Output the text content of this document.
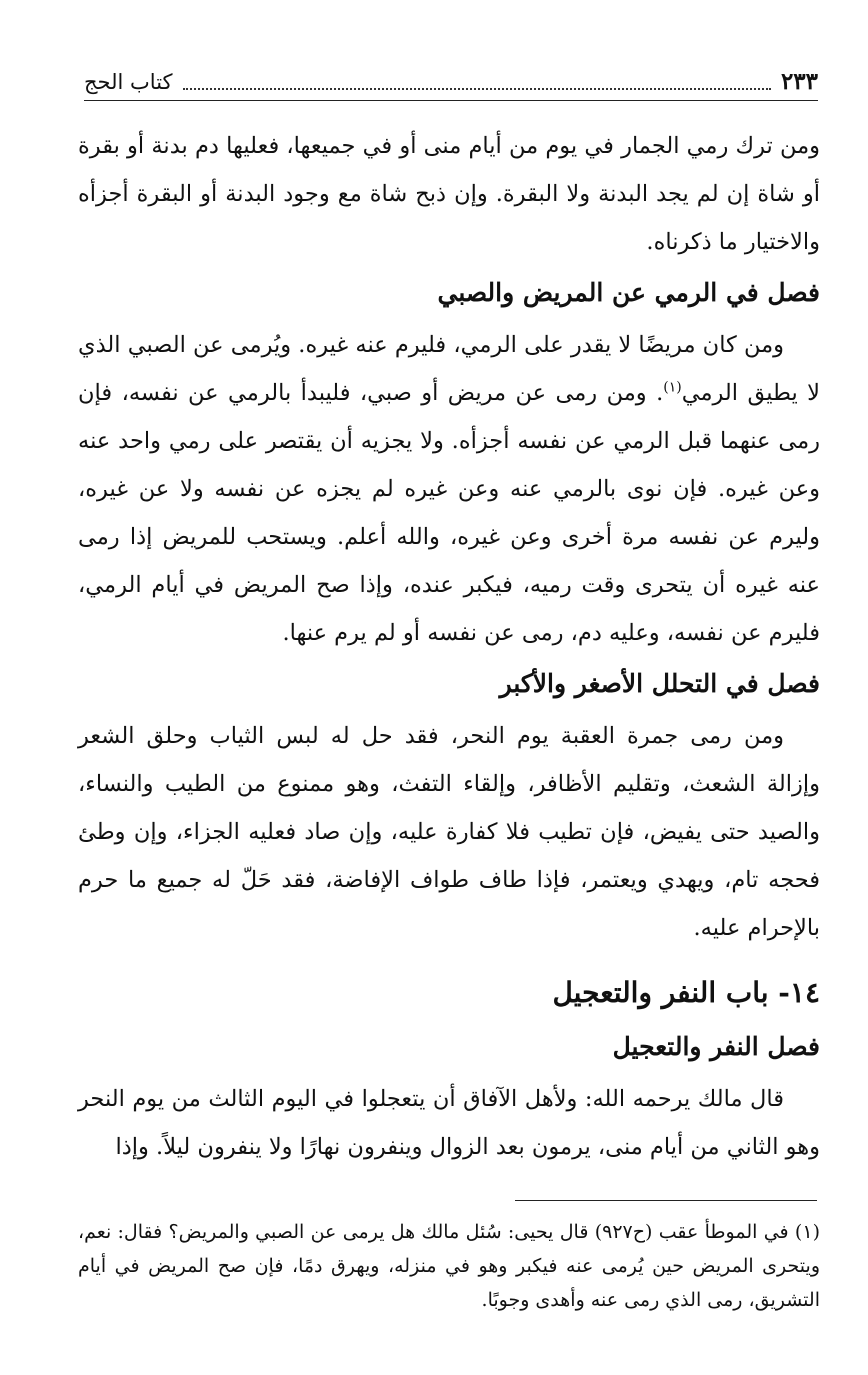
٢٣٣
كتاب الحج

ومن ترك رمي الجمار في يوم من أيام منى أو في جميعها، فعليها دم بدنة أو بقرة أو شاة إن لم يجد البدنة ولا البقرة. وإن ذبح شاة مع وجود البدنة أو البقرة أجزأه والاختيار ما ذكرناه.

فصل في الرمي عن المريض والصبي

ومن كان مريضًا لا يقدر على الرمي، فليرم عنه غيره. ويُرمى عن الصبي الذي لا يطيق الرمي$^{(١)}$. ومن رمى عن مريض أو صبي، فليبدأ بالرمي عن نفسه، فإن رمى عنهما قبل الرمي عن نفسه أجزأه. ولا يجزيه أن يقتصر على رمي واحد عنه وعن غيره. فإن نوى بالرمي عنه وعن غيره لم يجزه عن نفسه ولا عن غيره، وليرم عن نفسه مرة أخرى وعن غيره، والله أعلم. ويستحب للمريض إذا رمى عنه غيره أن يتحرى وقت رميه، فيكبر عنده، وإذا صح المريض في أيام الرمي، فليرم عن نفسه، وعليه دم، رمى عن نفسه أو لم يرم عنها.

فصل في التحلل الأصغر والأكبر

ومن رمى جمرة العقبة يوم النحر، فقد حل له لبس الثياب وحلق الشعر وإزالة الشعث، وتقليم الأظافر، وإلقاء التفث، وهو ممنوع من الطيب والنساء، والصيد حتى يفيض، فإن تطيب فلا كفارة عليه، وإن صاد فعليه الجزاء، وإن وطئ فحجه تام، ويهدي ويعتمر، فإذا طاف طواف الإفاضة، فقد حَلّ له جميع ما حرم بالإحرام عليه.

١٤- باب النفر والتعجيل
فصل النفر والتعجيل

قال مالك يرحمه الله: ولأهل الآفاق أن يتعجلوا في اليوم الثالث من يوم النحر وهو الثاني من أيام منى، يرمون بعد الزوال وينفرون نهارًا ولا ينفرون ليلاً. وإذا

(١) في الموطأ عقب (ح٩٢٧) قال يحيى: سُئل مالك هل يرمى عن الصبي والمريض؟ فقال: نعم، ويتحرى المريض حين يُرمى عنه فيكبر وهو في منزله، ويهرق دمًا، فإن صح المريض في أيام التشريق، رمى الذي رمى عنه وأهدى وجوبًا.
